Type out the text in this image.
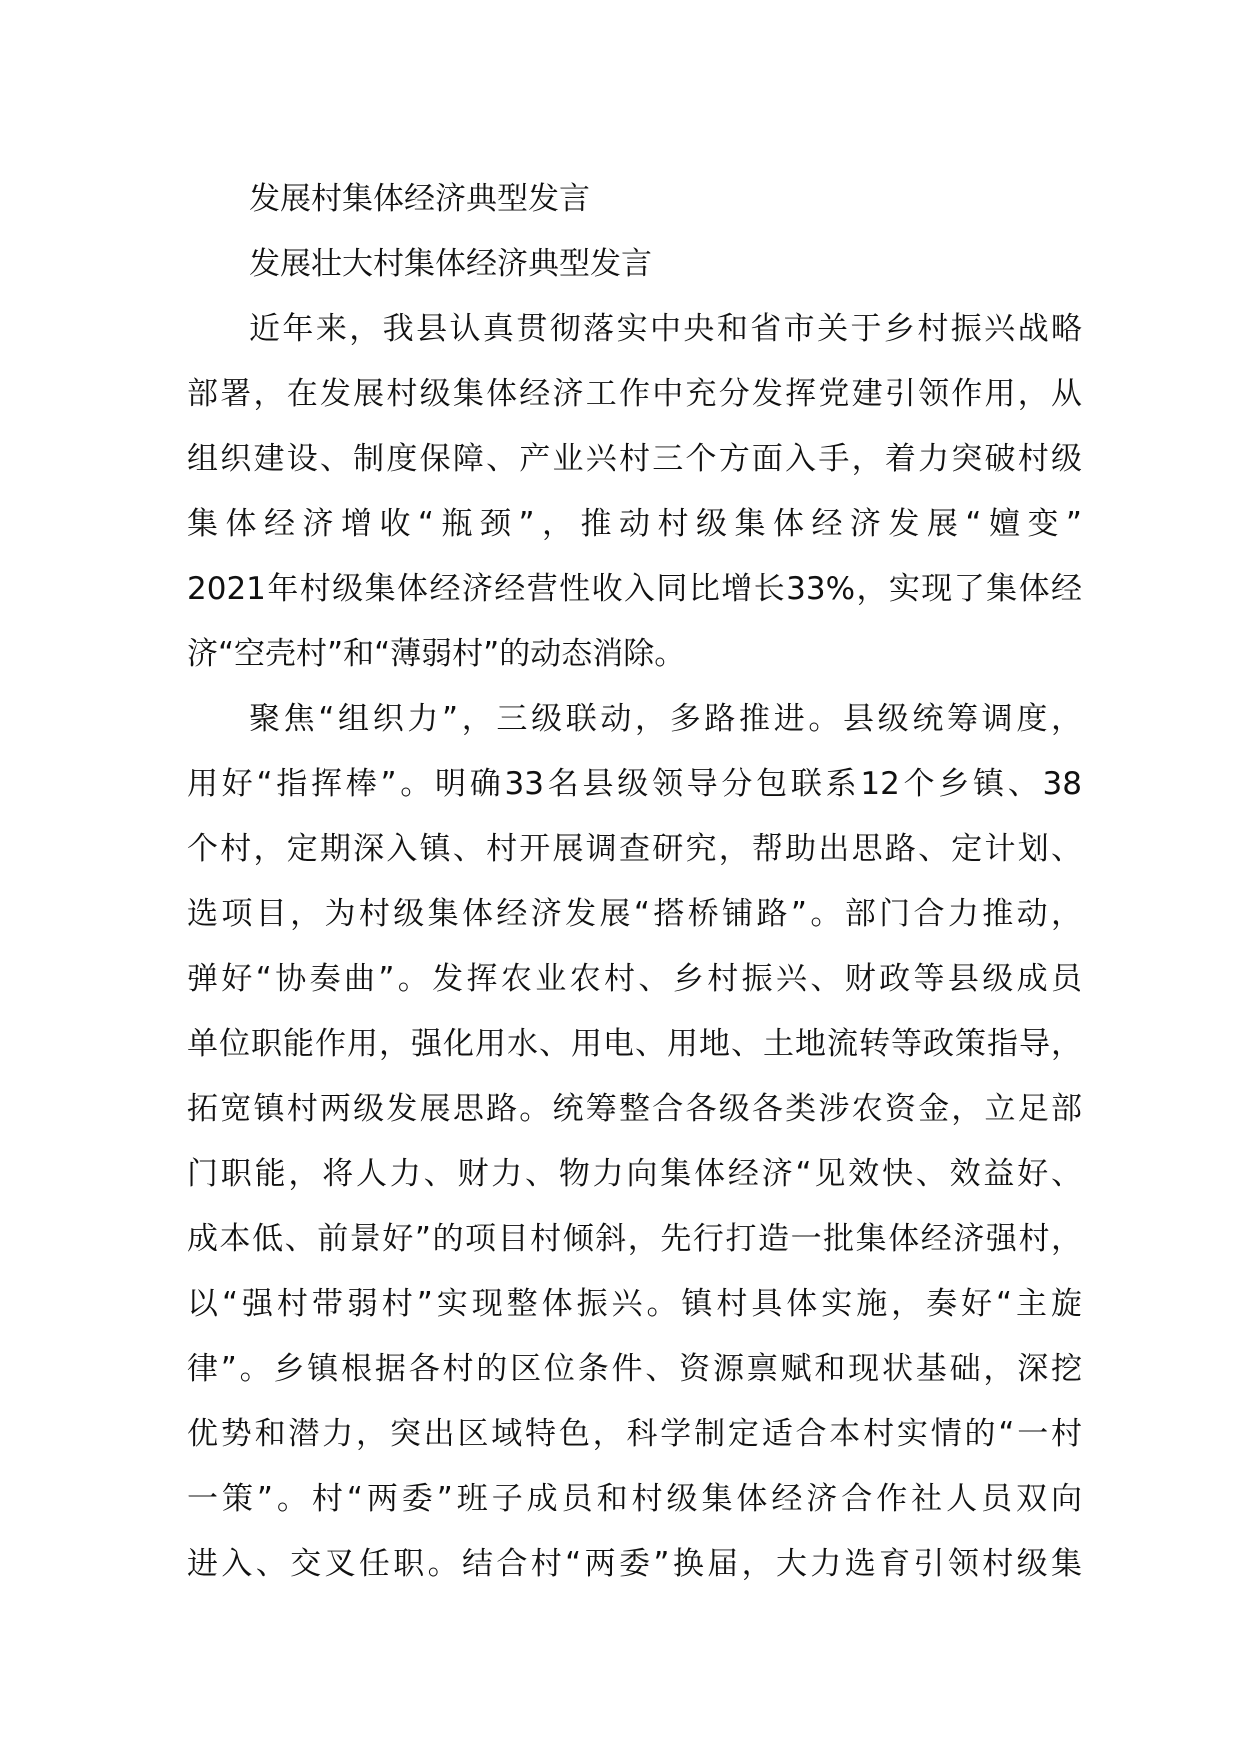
发展村集体经济典型发言
发展壮大村集体经济典型发言
近年来，我县认真贯彻落实中央和省市关于乡村振兴战略
部署，在发展村级集体经济工作中充分发挥党建引领作用，从
组织建设、制度保障、产业兴村三个方面入手，着力突破村级
集体经济增收“瓶颈”，推动村级集体经济发展“嬗变”
2021年村级集体经济经营性收入同比增长33%，实现了集体经
济“空壳村”和“薄弱村”的动态消除。
聚焦“组织力”，三级联动，多路推进。县级统筹调度，
用好“指挥棒”。明确33名县级领导分包联系12个乡镇、38
个村，定期深入镇、村开展调查研究，帮助出思路、定计划、
选项目，为村级集体经济发展“搭桥铺路”。部门合力推动，
弹好“协奏曲”。发挥农业农村、乡村振兴、财政等县级成员
单位职能作用，强化用水、用电、用地、土地流转等政策指导，
拓宽镇村两级发展思路。统筹整合各级各类涉农资金，立足部
门职能，将人力、财力、物力向集体经济“见效快、效益好、
成本低、前景好”的项目村倾斜，先行打造一批集体经济强村，
以“强村带弱村”实现整体振兴。镇村具体实施，奏好“主旋
律”。乡镇根据各村的区位条件、资源禀赋和现状基础，深挖
优势和潜力，突出区域特色，科学制定适合本村实情的“一村
一策”。村“两委”班子成员和村级集体经济合作社人员双向
进入、交叉任职。结合村“两委”换届，大力选育引领村级集
